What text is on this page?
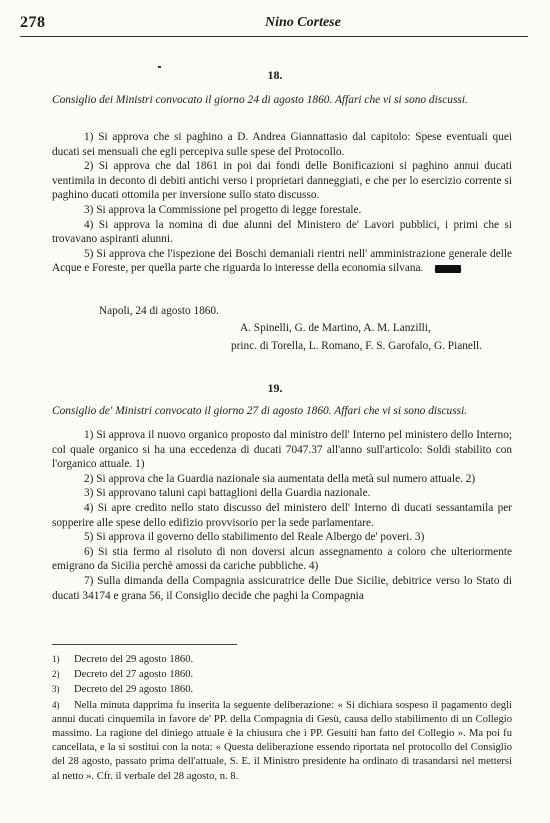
278	Nino Cortese
18.
Consiglio dei Ministri convocato il giorno 24 di agosto 1860. Affari che vi si sono discussi.

1) Si approva che si paghino a D. Andrea Giannattasio dal capitolo: Spese eventuali quei ducati sei mensuali che egli percepiva sulle spese del Protocollo.

2) Si approva che dal 1861 in poi dai fondi delle Bonificazioni si paghino annui ducati ventimila in deconto di debiti antichi verso i proprietari danneggiati, e che per lo esercizio corrente si paghino ducati ottomila per inversione sullo stato discusso.

3) Si approva la Commissione pel progetto di legge forestale.

4) Si approva la nomina di due alunni del Ministero de' Lavori pubblici, i primi che si trovavano aspiranti alunni.

5) Si approva che l'ispezione dei Boschi demaniali rientri nell' amministrazione generale delle Acque e Foreste, per quella parte che riguarda lo interesse della economia silvana.

Napoli, 24 di agosto 1860.
A. Spinelli, G. de Martino, A. M. Lanzilli,
princ. di Torella, L. Romano, F. S. Garofalo, G. Pianell.
19.
Consiglio de' Ministri convocato il giorno 27 di agosto 1860. Affari che vi si sono discussi.

1) Si approva il nuovo organico proposto dal ministro dell' Interno pel ministero dello Interno; col quale organico si ha una eccedenza di ducati 7047.37 all'anno sull'articolo: Soldi stabilito con l'organico attuale. 1)

2) Si approva che la Guardia nazionale sia aumentata della metà sul numero attuale. 2)

3) Si approvano taluni capi battaglioni della Guardia nazionale.

4) Si apre credito nello stato discusso del ministero dell' Interno di ducati sessantamila per sopperire alle spese dello edifizio provvisorio per la sede parlamentare.

5) Si approva il governo dello stabilimento del Reale Albergo de' poveri. 3)

6) Si stia fermo al risoluto di non doversi alcun assegnamento a coloro che ulteriormente emigrano da Sicilia perchè amossi da cariche pubbliche. 4)

7) Sulla dimanda della Compagnia assicuratrice delle Due Sicilie, debitrice verso lo Stato di ducati 34174 e grana 56, il Consiglio decide che paghi la Compagnia

1) Decreto del 29 agosto 1860.

2) Decreto del 27 agosto 1860.

3) Decreto del 29 agosto 1860.

4) Nella minuta dapprima fu inserita la seguente deliberazione: « Si dichiara sospeso il pagamento degli annui ducati cinquemila in favore de' PP. della Compagnia di Gesù, causa dello stabilimento di un Collegio massimo. La ragione del diniego attuale è la chiusura che i PP. Gesuiti han fatto del Collegio ». Ma poi fu cancellata, e la si sostituì con la nota: « Questa deliberazione essendo riportata nel protocollo del Consiglio del 28 agosto, passato prima dell'attuale, S. E. il Ministro presidente ha ordinato di trasandarsi nel mettersi al netto ». Cfr. il verbale del 28 agosto, n. 8.
